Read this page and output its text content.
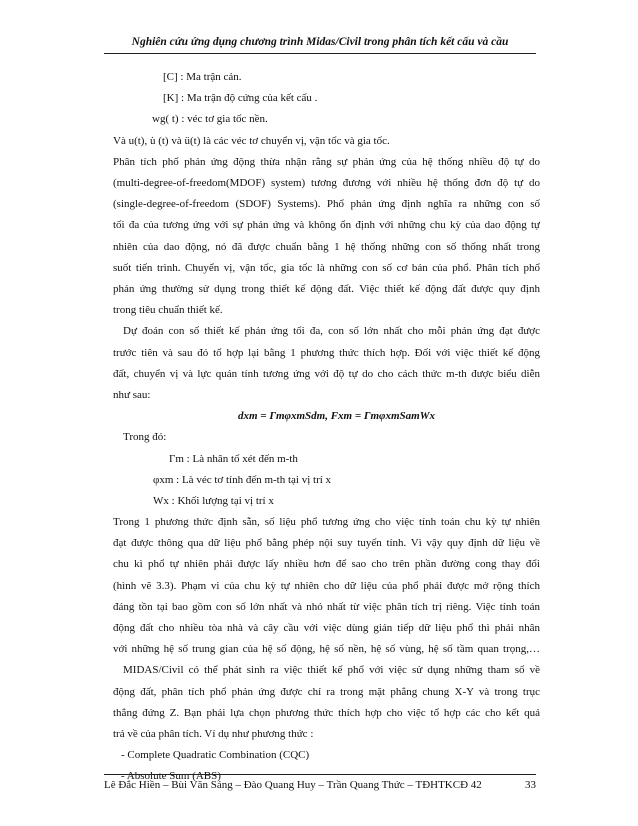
Nghiên cứu ứng dụng chương trình Midas/Civil trong phân tích kết cấu và cầu
[C] : Ma trận cản.
[K] : Ma trận độ cứng của kết cấu .
wg( t) : véc tơ gia tốc nền.
Và u(t), u̇ (t) và ü(t) là các véc tơ chuyển vị, vận tốc và gia tốc.
Phân tích phổ phản ứng động thừa nhận rằng sự phản ứng của hệ thống nhiều độ tự do
(multi-degree-of-freedom(MDOF) system) tương đương với nhiều hệ thống đơn độ tự do
(single-degree-of-freedom (SDOF) Systems). Phổ phản ứng định nghĩa ra những con số
tối đa của tương ứng với sự phản ứng và không ổn định với những chu kỳ của dao động tự
nhiên của dao động, nó đã được chuẩn bằng 1 hệ thống những con số thống nhất trong
suốt tiến trình. Chuyển vị, vận tốc, gia tốc là những con số cơ bản của phổ. Phân tích phổ
phản ứng thường sử dụng trong thiết kế động đất. Việc thiết kế động đất được quy định
trong tiêu chuẩn thiết kế.
Dự đoán con số thiết kế phản ứng tối đa, con số lớn nhất cho mỗi phản ứng đạt được
trước tiên và sau đó tổ hợp lại bằng 1 phương thức thích hợp. Đối với việc thiết kế động
đất, chuyển vị và lực quán tính tương ứng với độ tự do cho cách thức m-th được biểu diễn
như sau:
dxm = ΓmφxmSdm, Fxm = ΓmφxmSamWx
Trong đó:
Γm : Là nhân tố xét đến m-th
φxm : Là véc tơ tính đến m-th tại vị trí x
Wx : Khối lượng tại vị trí x
Trong 1 phương thức định sẵn, số liệu phổ tương ứng cho việc tính toán chu kỳ tự nhiên
đạt được thông qua dữ liệu phổ bằng phép nội suy tuyến tính. Vì vậy quy định dữ liệu về
chu kì phổ tự nhiên phải được lấy nhiều hơn để sao cho trên phần đường cong thay đổi
(hình vẽ 3.3). Phạm vi của chu kỳ tự nhiên cho dữ liệu của phổ phải được mở rộng thích
đáng tồn tại bao gồm con số lớn nhất và nhỏ nhất từ việc phân tích trị riêng. Việc tính toán
động đất cho nhiều tòa nhà và cây cầu với việc dùng gián tiếp dữ liệu phổ thì phải nhân
với những hệ số trung gian của hệ số động, hệ số nền, hệ số vùng, hệ số tầm quan trọng,…
MIDAS/Civil có thể phát sinh ra việc thiết kế phổ với việc sử dụng những tham số về
động đất, phân tích phổ phản ứng được chỉ ra trong mặt phẳng chung X-Y và trong trục
thẳng đứng Z. Bạn phải lựa chọn phương thức thích hợp cho việc tổ hợp các cho kết quả
trả về của phân tích. Ví dụ như phương thức :
- Complete Quadratic Combination (CQC)
- Absolute Sum (ABS)
Lê Đắc Hiền – Bùi Văn Sáng – Đào Quang Huy – Trần Quang Thức – TĐHTKCĐ 42	33
